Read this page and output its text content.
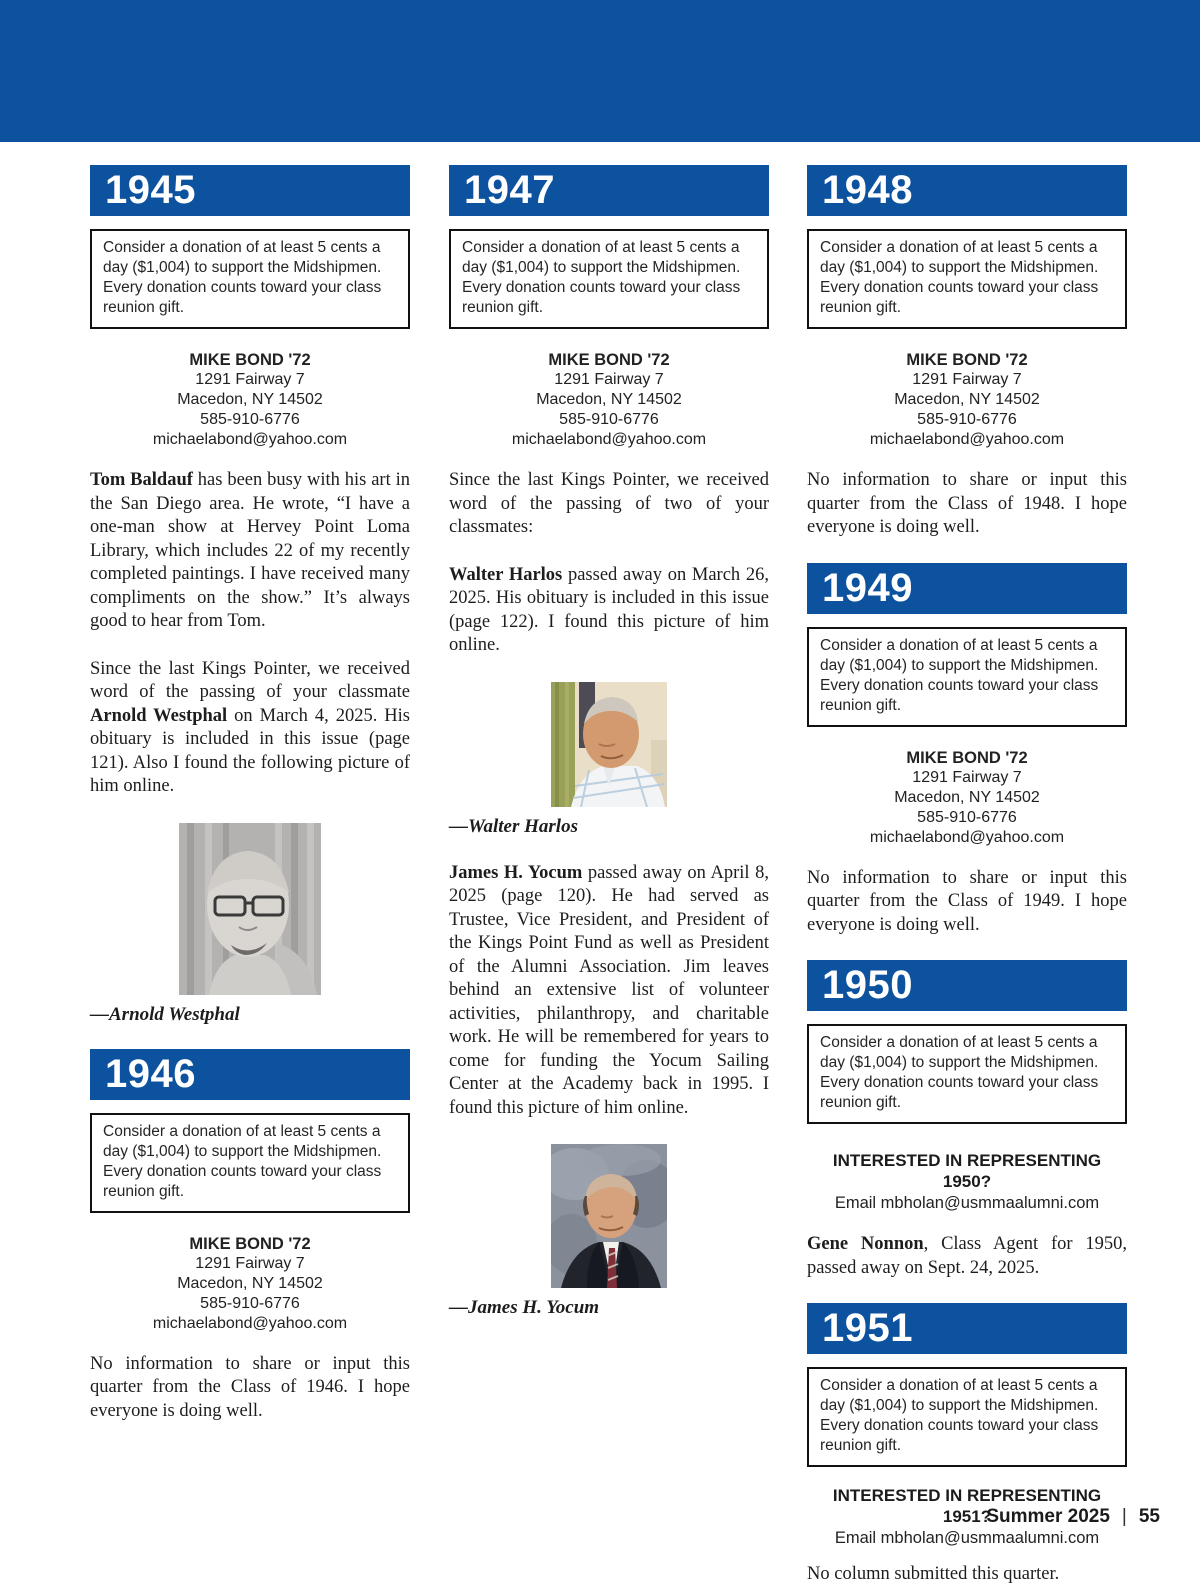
1945
Consider a donation of at least 5 cents a day ($1,004) to support the Midshipmen. Every donation counts toward your class reunion gift.
MIKE BOND '72
1291 Fairway 7
Macedon, NY 14502
585-910-6776
michaelabond@yahoo.com

Tom Baldauf has been busy with his art in the San Diego area. He wrote, “I have a one-man show at Hervey Point Loma Library, which includes 22 of my recently completed paintings. I have received many compliments on the show.” It’s always good to hear from Tom.

Since the last Kings Pointer, we received word of the passing of your classmate Arnold Westphal on March 4, 2025. His obituary is included in this issue (page 121). Also I found the following picture of him online.

—Arnold Westphal
1946
Consider a donation of at least 5 cents a day ($1,004) to support the Midshipmen. Every donation counts toward your class reunion gift.
MIKE BOND '72
1291 Fairway 7
Macedon, NY 14502
585-910-6776
michaelabond@yahoo.com

No information to share or input this quarter from the Class of 1946. I hope everyone is doing well.

1947
Consider a donation of at least 5 cents a day ($1,004) to support the Midshipmen. Every donation counts toward your class reunion gift.
MIKE BOND '72
1291 Fairway 7
Macedon, NY 14502
585-910-6776
michaelabond@yahoo.com

Since the last Kings Pointer, we received word of the passing of two of your classmates:

Walter Harlos passed away on March 26, 2025. His obituary is included in this issue (page 122). I found this picture of him online.

—Walter Harlos

James H. Yocum passed away on April 8, 2025 (page 120). He had served as Trustee, Vice President, and President of the Kings Point Fund as well as President of the Alumni Association. Jim leaves behind an extensive list of volunteer activities, philanthropy, and charitable work. He will be remembered for years to come for funding the Yocum Sailing Center at the Academy back in 1995. I found this picture of him online.

—James H. Yocum
1948
Consider a donation of at least 5 cents a day ($1,004) to support the Midshipmen. Every donation counts toward your class reunion gift.
MIKE BOND '72
1291 Fairway 7
Macedon, NY 14502
585-910-6776
michaelabond@yahoo.com

No information to share or input this quarter from the Class of 1948. I hope everyone is doing well.

1949
Consider a donation of at least 5 cents a day ($1,004) to support the Midshipmen. Every donation counts toward your class reunion gift.
MIKE BOND '72
1291 Fairway 7
Macedon, NY 14502
585-910-6776
michaelabond@yahoo.com

No information to share or input this quarter from the Class of 1949. I hope everyone is doing well.

1950
Consider a donation of at least 5 cents a day ($1,004) to support the Midshipmen. Every donation counts toward your class reunion gift.
INTERESTED IN REPRESENTING 1950?
Email mbholan@usmmaalumni.com

Gene Nonnon, Class Agent for 1950, passed away on Sept. 24, 2025.

1951
Consider a donation of at least 5 cents a day ($1,004) to support the Midshipmen. Every donation counts toward your class reunion gift.
INTERESTED IN REPRESENTING 1951?
Email mbholan@usmmaalumni.com

No column submitted this quarter.

Summer 2025 | 55
